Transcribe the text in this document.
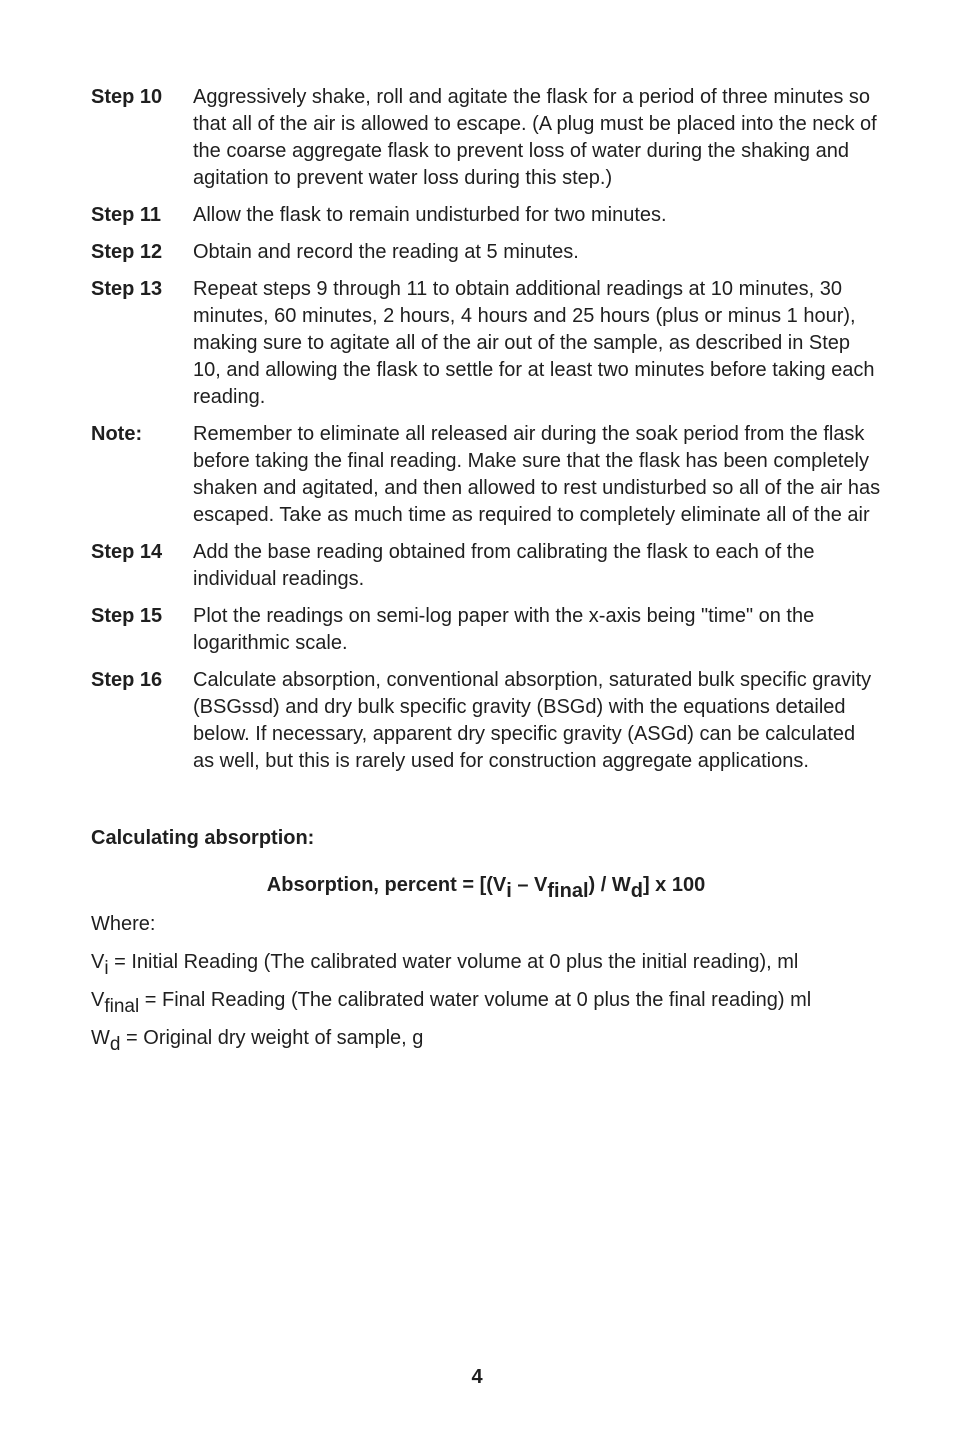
Step 10	Aggressively shake, roll and agitate the flask for a period of three minutes so that all of the air is allowed to escape. (A plug must be placed into the neck of the coarse aggregate flask to prevent loss of water during the shaking and agitation to prevent water loss during this step.)
Step 11	Allow the flask to remain undisturbed for two minutes.
Step 12	Obtain and record the reading at 5 minutes.
Step 13	Repeat steps 9 through 11 to obtain additional readings at 10 minutes, 30 minutes, 60 minutes, 2 hours, 4 hours and 25 hours (plus or minus 1 hour), making sure to agitate all of the air out of the sample, as described in Step 10, and allowing the flask to settle for at least two minutes before taking each reading.
Note:	Remember to eliminate all released air during the soak period from the flask before taking the final reading. Make sure that the flask has been completely shaken and agitated, and then allowed to rest undisturbed so all of the air has escaped. Take as much time as required to completely eliminate all of the air
Step 14	Add the base reading obtained from calibrating the flask to each of the individual readings.
Step 15	Plot the readings on semi-log paper with the x-axis being "time" on the logarithmic scale.
Step 16	Calculate absorption, conventional absorption, saturated bulk specific gravity (BSGssd) and dry bulk specific gravity (BSGd) with the equations detailed below. If necessary, apparent dry specific gravity (ASGd) can be calculated as well, but this is rarely used for construction aggregate applications.
Calculating absorption:
Absorption, percent = $[(V_i - V_{final}) / W_d]$ x 100
Where:
$V_i$ = Initial Reading (The calibrated water volume at 0 plus the initial reading), ml
$V_{final}$ = Final Reading (The calibrated water volume at 0 plus the final reading) ml
$W_d$ = Original dry weight of sample, g
4
